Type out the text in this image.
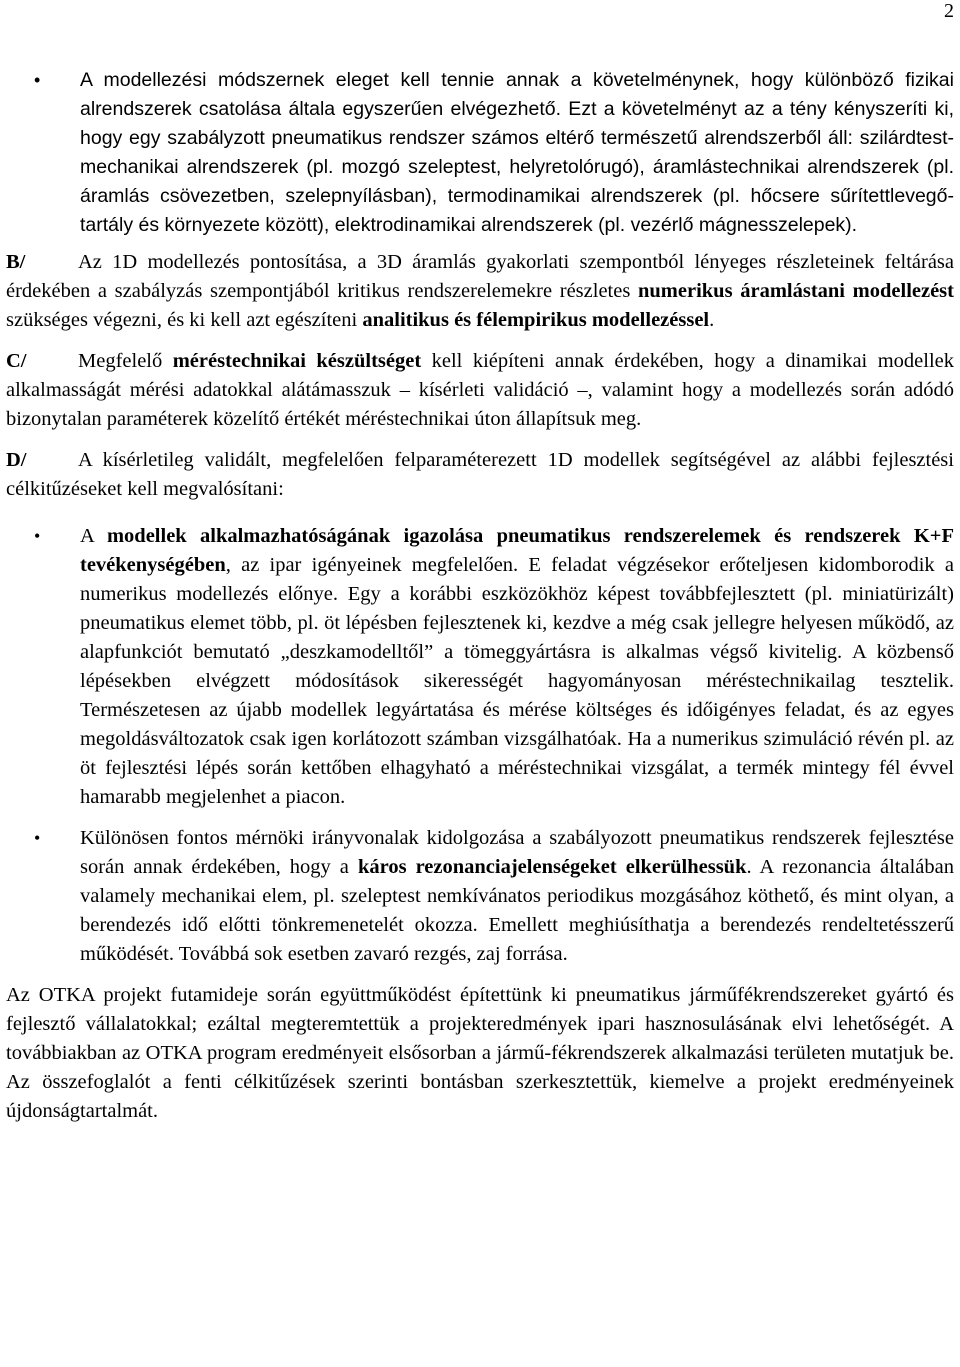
2
• A modellezési módszernek eleget kell tennie annak a követelménynek, hogy különböző fizikai alrendszerek csatolása általa egyszerűen elvégezhető. Ezt a követelményt az a tény kényszeríti ki, hogy egy szabályzott pneumatikus rendszer számos eltérő természetű alrendszerből áll: szilárdtest-mechanikai alrendszerek (pl. mozgó szeleptest, helyretolórugó), áramlástechnikai alrendszerek (pl. áramlás csövezetben, szelepnyílásban), termodinamikai alrendszerek (pl. hőcsere sűrítettlevegő-tartály és környezete között), elektrodinamikai alrendszerek (pl. vezérlő mágnesszelepek).
B/	Az 1D modellezés pontosítása, a 3D áramlás gyakorlati szempontból lényeges részleteinek feltárása érdekében a szabályzás szempontjából kritikus rendszerelemekre részletes numerikus áramlástani modellezést szükséges végezni, és ki kell azt egészíteni analitikus és félempirikus modellezéssel.
C/	Megfelelő méréstechnikai készültséget kell kiépíteni annak érdekében, hogy a dinamikai modellek alkalmasságát mérési adatokkal alátámasszuk – kísérleti validáció –, valamint hogy a modellezés során adódó bizonytalan paraméterek közelítő értékét méréstechnikai úton állapítsuk meg.
D/	A kísérletileg validált, megfelelően felparaméterezett 1D modellek segítségével az alábbi fejlesztési célkitűzéseket kell megvalósítani:
• A modellek alkalmazhatóságának igazolása pneumatikus rendszerelemek és rendszerek K+F tevékenységében, az ipar igényeinek megfelelően. E feladat végzésekor erőteljesen kidomborodik a numerikus modellezés előnye. Egy a korábbi eszközökhöz képest továbbfejlesztett (pl. miniatürizált) pneumatikus elemet több, pl. öt lépésben fejlesztenek ki, kezdve a még csak jellegre helyesen működő, az alapfunkciót bemutató „deszkamodelltől” a tömeggyártásra is alkalmas végső kivitelig. A közbenső lépésekben elvégzett módosítások sikerességét hagyományosan méréstechnikailag tesztelik. Természetesen az újabb modellek legyártatása és mérése költséges és időigényes feladat, és az egyes megoldásváltozatok csak igen korlátozott számban vizsgálhatóak. Ha a numerikus szimuláció révén pl. az öt fejlesztési lépés során kettőben elhagyható a méréstechnikai vizsgálat, a termék mintegy fél évvel hamarabb megjelenhet a piacon.
• Különösen fontos mérnöki irányvonalak kidolgozása a szabályozott pneumatikus rendszerek fejlesztése során annak érdekében, hogy a káros rezonanciajelenségeket elkerülhessük. A rezonancia általában valamely mechanikai elem, pl. szeleptest nemkívánatos periodikus mozgásához köthető, és mint olyan, a berendezés idő előtti tönkremenetelét okozza. Emellett meghiúsíthatja a berendezés rendeltetésszerű működését. Továbbá sok esetben zavaró rezgés, zaj forrása.
Az OTKA projekt futamideje során együttműködést építettünk ki pneumatikus járműfékrendszereket gyártó és fejlesztő vállalatokkal; ezáltal megteremtettük a projekteredmények ipari hasznosulásának elvi lehetőségét. A továbbiakban az OTKA program eredményeit elsősorban a jármű-fékrendszerek alkalmazási területen mutatjuk be. Az összefoglalót a fenti célkitűzések szerinti bontásban szerkesztettük, kiemelve a projekt eredményeinek újdonságtartalmát.
